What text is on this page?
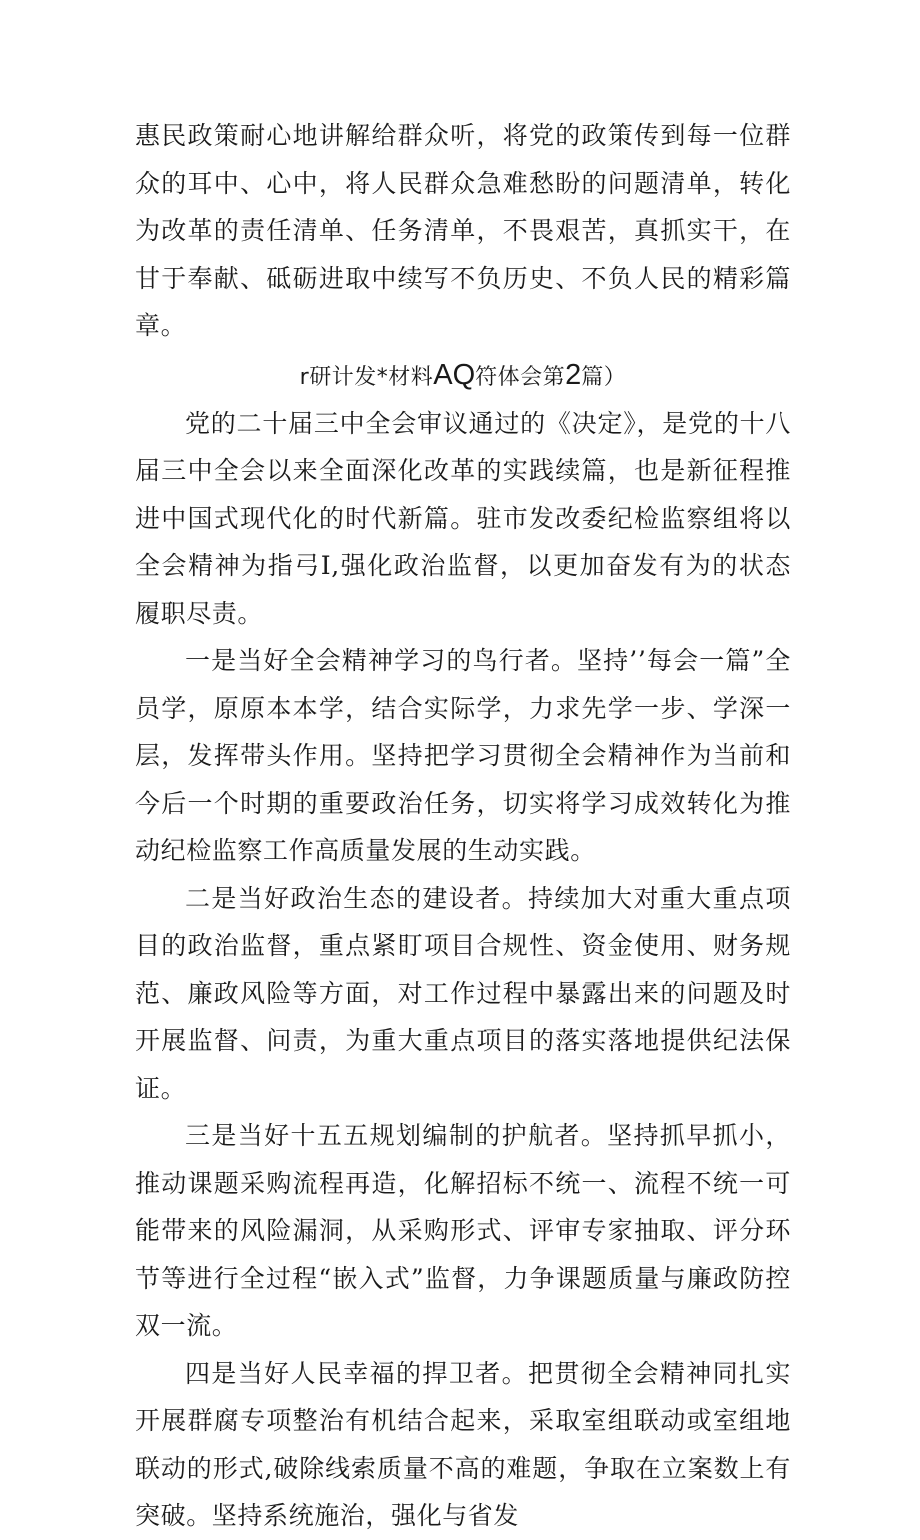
惠民政策耐心地讲解给群众听，将党的政策传到每一位群众的耳中、心中，将人民群众急难愁盼的问题清单，转化为改革的责任清单、任务清单，不畏艰苦，真抓实干，在甘于奉献、砥砺进取中续写不负历史、不负人民的精彩篇章。

r研计发*材料AQ符体会第2篇）

党的二十届三中全会审议通过的《决定》，是党的十八届三中全会以来全面深化改革的实践续篇，也是新征程推进中国式现代化的时代新篇。驻市发改委纪检监察组将以全会精神为指弓I,强化政治监督，以更加奋发有为的状态履职尽责。

一是当好全会精神学习的鸟行者。坚持’’每会一篇”全员学，原原本本学，结合实际学，力求先学一步、学深一层，发挥带头作用。坚持把学习贯彻全会精神作为当前和今后一个时期的重要政治任务，切实将学习成效转化为推动纪检监察工作高质量发展的生动实践。

二是当好政治生态的建设者。持续加大对重大重点项目的政治监督，重点紧盯项目合规性、资金使用、财务规范、廉政风险等方面，对工作过程中暴露出来的问题及时开展监督、问责，为重大重点项目的落实落地提供纪法保证。

三是当好十五五规划编制的护航者。坚持抓早抓小，推动课题采购流程再造，化解招标不统一、流程不统一可能带来的风险漏洞，从采购形式、评审专家抽取、评分环节等进行全过程“嵌入式”监督，力争课题质量与廉政防控双一流。

四是当好人民幸福的捍卫者。把贯彻全会精神同扎实开展群腐专项整治有机结合起来，采取室组联动或室组地联动的形式,破除线索质量不高的难题，争取在立案数上有突破。坚持系统施治，强化与省发
